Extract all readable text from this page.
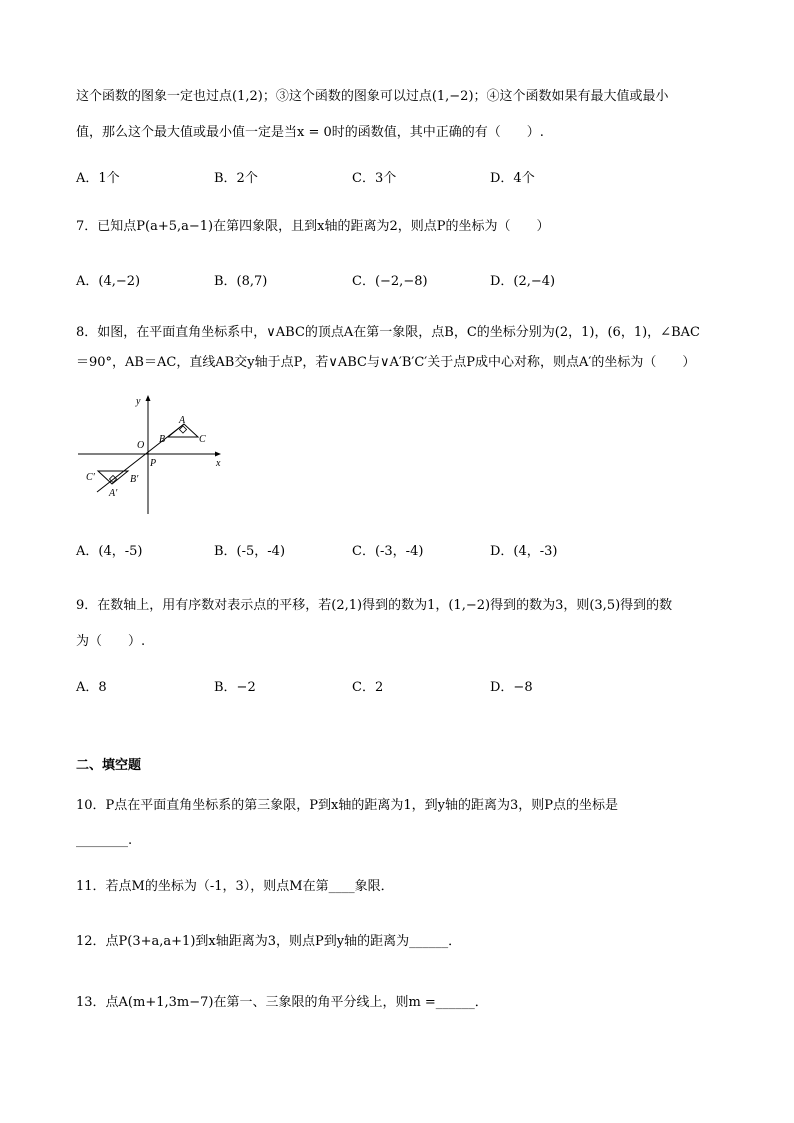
这个函数的图象一定也过点(1,2)；③这个函数的图象可以过点(1,−2)；④这个函数如果有最大值或最小
值，那么这个最大值或最小值一定是当x = 0时的函数值，其中正确的有（　　）.
A．1个	B．2个	C．3个	D．4个
7．已知点P(a+5,a−1)在第四象限，且到x轴的距离为2，则点P的坐标为（　　）
A．(4,−2)	B．(8,7)	C．(−2,−8)	D．(2,−4)
8．如图，在平面直角坐标系中，∨ABC的顶点A在第一象限，点B，C的坐标分别为(2，1)，(6，1)，∠BAC
＝90°，AB＝AC，直线AB交y轴于点P，若∨ABC与∨A′B′C′关于点P成中心对称，则点A′的坐标为（　　）
y
x
O
P
A
B	C
C′	B′
A′
A．(4，-5)	B．(-5，-4)	C．(-3，-4)	D．(4，-3)
9．在数轴上，用有序数对表示点的平移，若(2,1)得到的数为1，(1,−2)得到的数为3，则(3,5)得到的数
为（　　）.
A．8	B．−2	C．2	D．−8
二、填空题
10．P点在平面直角坐标系的第三象限，P到x轴的距离为1，到y轴的距离为3，则P点的坐标是
________.
11．若点M的坐标为（-1，3），则点M在第____象限．
12．点P(3+a,a+1)到x轴距离为3，则点P到y轴的距离为______．
13．点A(m+1,3m−7)在第一、三象限的角平分线上，则m =______．
